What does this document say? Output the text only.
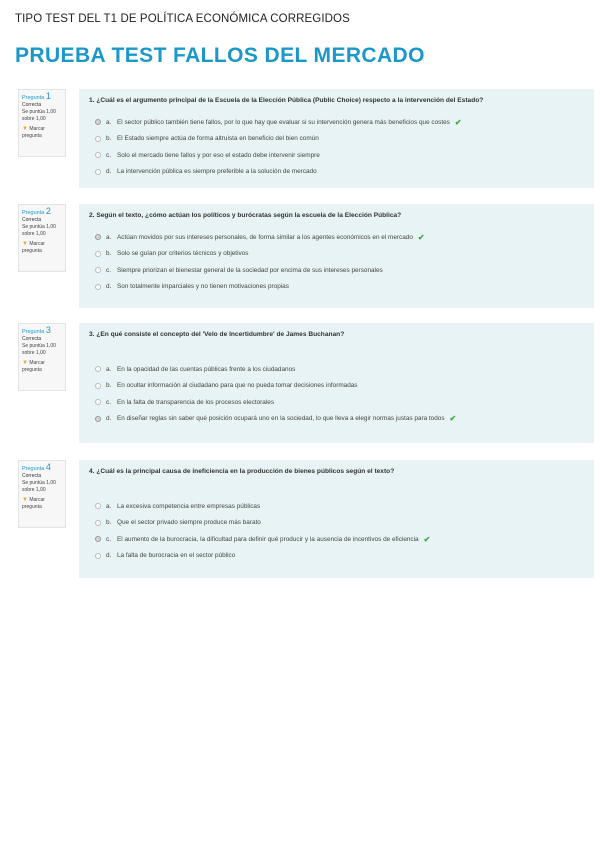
TIPO TEST DEL T1 DE POLÍTICA ECONÓMICA CORREGIDOS
PRUEBA TEST FALLOS DEL MERCADO
Pregunta 1
Correcta
Se puntúa 1,00 sobre 1,00
▼ Marcar pregunta
1. ¿Cuál es el argumento principal de la Escuela de la Elección Pública (Public Choice) respecto a la intervención del Estado?
a. El sector público también tiene fallos, por lo que hay que evaluar si su intervención genera más beneficios que costes ✔
b. El Estado siempre actúa de forma altruista en beneficio del bien común
c. Solo el mercado tiene fallos y por eso el estado debe intervenir siempre
d. La intervención pública es siempre preferible a la solución de mercado
Pregunta 2
Correcta
Se puntúa 1,00 sobre 1,00
▼ Marcar pregunta
2. Según el texto, ¿cómo actúan los políticos y burócratas según la escuela de la Elección Pública?
a. Actúan movidos por sus intereses personales, de forma similar a los agentes económicos en el mercado ✔
b. Solo se guían por criterios técnicos y objetivos
c. Siempre priorizan el bienestar general de la sociedad por encima de sus intereses personales
d. Son totalmente imparciales y no tienen motivaciones propias
Pregunta 3
Correcta
Se puntúa 1,00 sobre 1,00
▼ Marcar pregunta
3. ¿En qué consiste el concepto del 'Velo de Incertidumbre' de James Buchanan?
a. En la opacidad de las cuentas públicas frente a los ciudadanos
b. En ocultar información al ciudadano para que no pueda tomar decisiones informadas
c. En la falta de transparencia de los procesos electorales
d. En diseñar reglas sin saber qué posición ocupará uno en la sociedad, lo que lleva a elegir normas justas para todos ✔
Pregunta 4
Correcta
Se puntúa 1,00 sobre 1,00
▼ Marcar pregunta
4. ¿Cuál es la principal causa de ineficiencia en la producción de bienes públicos según el texto?
a. La excesiva competencia entre empresas públicas
b. Que el sector privado siempre produce más barato
c. El aumento de la burocracia, la dificultad para definir qué producir y la ausencia de incentivos de eficiencia ✔
d. La falta de burocracia en el sector público
